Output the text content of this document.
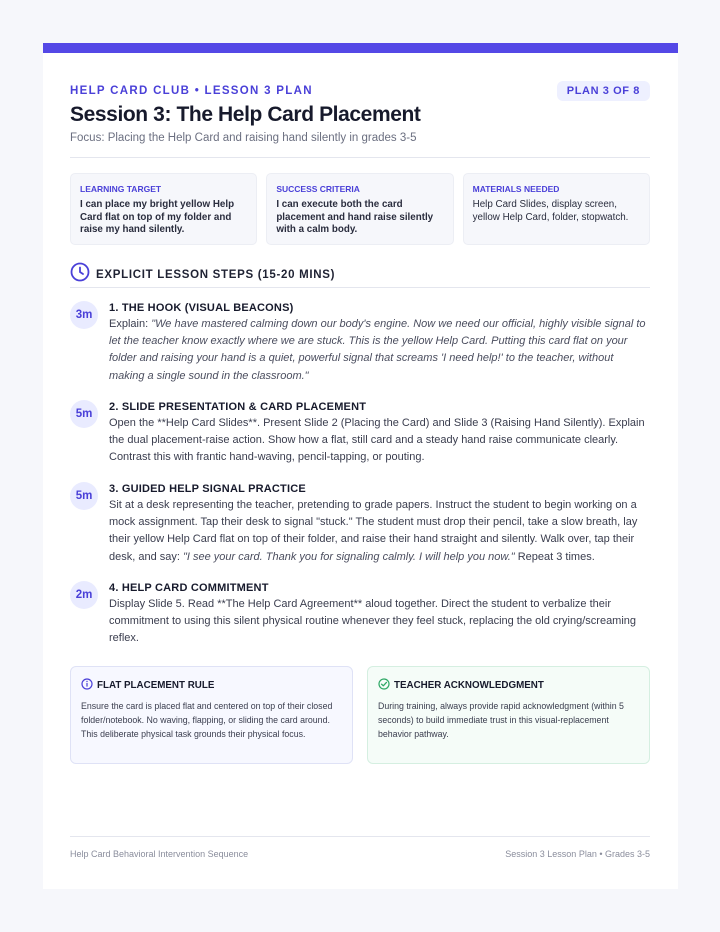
HELP CARD CLUB • LESSON 3 PLAN	PLAN 3 OF 8
Session 3: The Help Card Placement
Focus: Placing the Help Card and raising hand silently in grades 3-5
LEARNING TARGET
I can place my bright yellow Help Card flat on top of my folder and raise my hand silently.
SUCCESS CRITERIA
I can execute both the card placement and hand raise silently with a calm body.
MATERIALS NEEDED
Help Card Slides, display screen, yellow Help Card, folder, stopwatch.
EXPLICIT LESSON STEPS (15-20 MINS)
3m
1. THE HOOK (VISUAL BEACONS)
Explain: "We have mastered calming down our body's engine. Now we need our official, highly visible signal to let the teacher know exactly where we are stuck. This is the yellow Help Card. Putting this card flat on your folder and raising your hand is a quiet, powerful signal that screams 'I need help!' to the teacher, without making a single sound in the classroom."
5m
2. SLIDE PRESENTATION & CARD PLACEMENT
Open the **Help Card Slides**. Present Slide 2 (Placing the Card) and Slide 3 (Raising Hand Silently). Explain the dual placement-raise action. Show how a flat, still card and a steady hand raise communicate clearly. Contrast this with frantic hand-waving, pencil-tapping, or pouting.
5m
3. GUIDED HELP SIGNAL PRACTICE
Sit at a desk representing the teacher, pretending to grade papers. Instruct the student to begin working on a mock assignment. Tap their desk to signal "stuck." The student must drop their pencil, take a slow breath, lay their yellow Help Card flat on top of their folder, and raise their hand straight and silently. Walk over, tap their desk, and say: "I see your card. Thank you for signaling calmly. I will help you now." Repeat 3 times.
2m
4. HELP CARD COMMITMENT
Display Slide 5. Read **The Help Card Agreement** aloud together. Direct the student to verbalize their commitment to using this silent physical routine whenever they feel stuck, replacing the old crying/screaming reflex.
FLAT PLACEMENT RULE
Ensure the card is placed flat and centered on top of their closed folder/notebook. No waving, flapping, or sliding the card around. This deliberate physical task grounds their physical focus.
TEACHER ACKNOWLEDGMENT
During training, always provide rapid acknowledgment (within 5 seconds) to build immediate trust in this visual-replacement behavior pathway.
Help Card Behavioral Intervention Sequence	Session 3 Lesson Plan • Grades 3-5
